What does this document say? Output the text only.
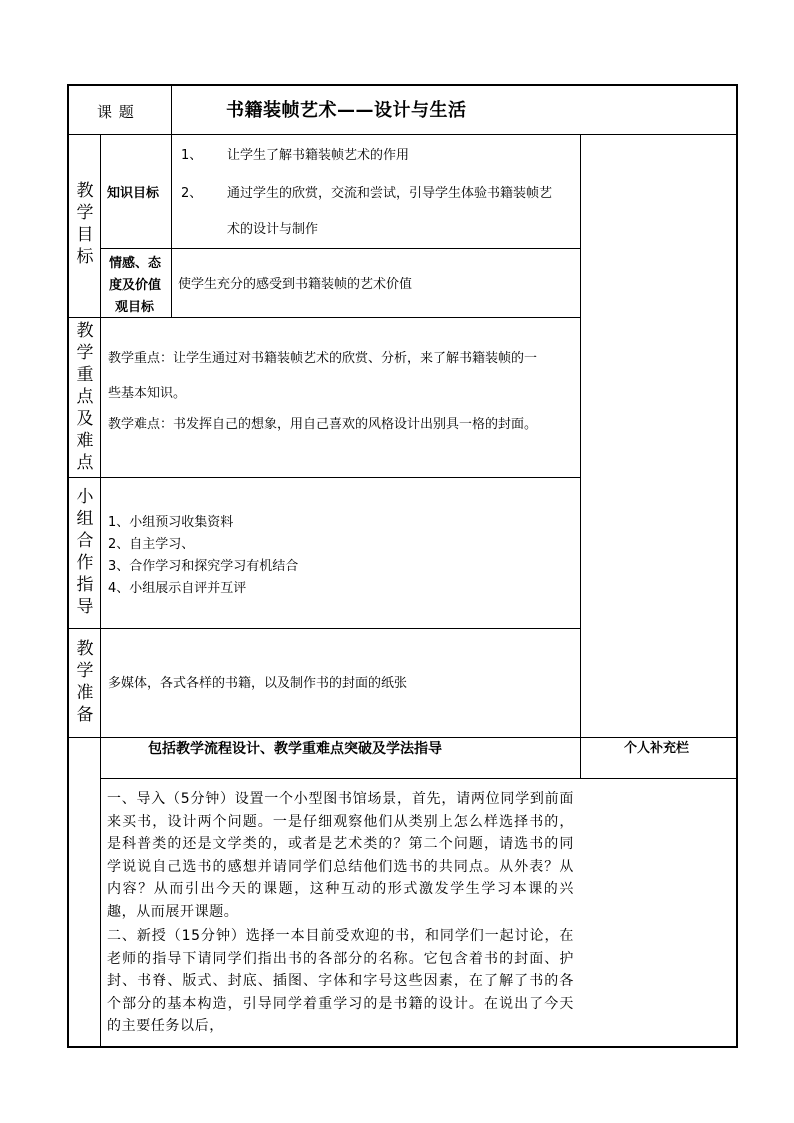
课 题	书籍装帧艺术——设计与生活
教
学
目
标
知识目标
1、 让学生了解书籍装帧艺术的作用
2、 通过学生的欣赏，交流和尝试，引导学生体验书籍装帧艺
术的设计与制作
情感、态
度及价值
观目标
使学生充分的感受到书籍装帧的艺术价值
教
学
重
点
及
难
点
教学重点：让学生通过对书籍装帧艺术的欣赏、分析，来了解书籍装帧的一
些基本知识。
教学难点：书发挥自己的想象，用自己喜欢的风格设计出别具一格的封面。
小
组
合
作
指
导
1、小组预习收集资料
2、自主学习、
3、合作学习和探究学习有机结合
4、小组展示自评并互评
教
学
准
备
多媒体，各式各样的书籍，以及制作书的封面的纸张
包括教学流程设计、教学重难点突破及学法指导	个人补充栏

一、导入（5分钟）设置一个小型图书馆场景，首先，请两位同学到前面来买书，设计两个问题。一是仔细观察他们从类别上怎么样选择书的，是科普类的还是文学类的，或者是艺术类的？第二个问题，请选书的同学说说自己选书的感想并请同学们总结他们选书的共同点。从外表？从内容？从而引出今天的课题，这种互动的形式激发学生学习本课的兴趣，从而展开课题。

二、新授（15分钟）选择一本目前受欢迎的书，和同学们一起讨论，在老师的指导下请同学们指出书的各部分的名称。它包含着书的封面、护封、书脊、版式、封底、插图、字体和字号这些因素，在了解了书的各个部分的基本构造，引导同学着重学习的是书籍的设计。在说出了今天的主要任务以后，
